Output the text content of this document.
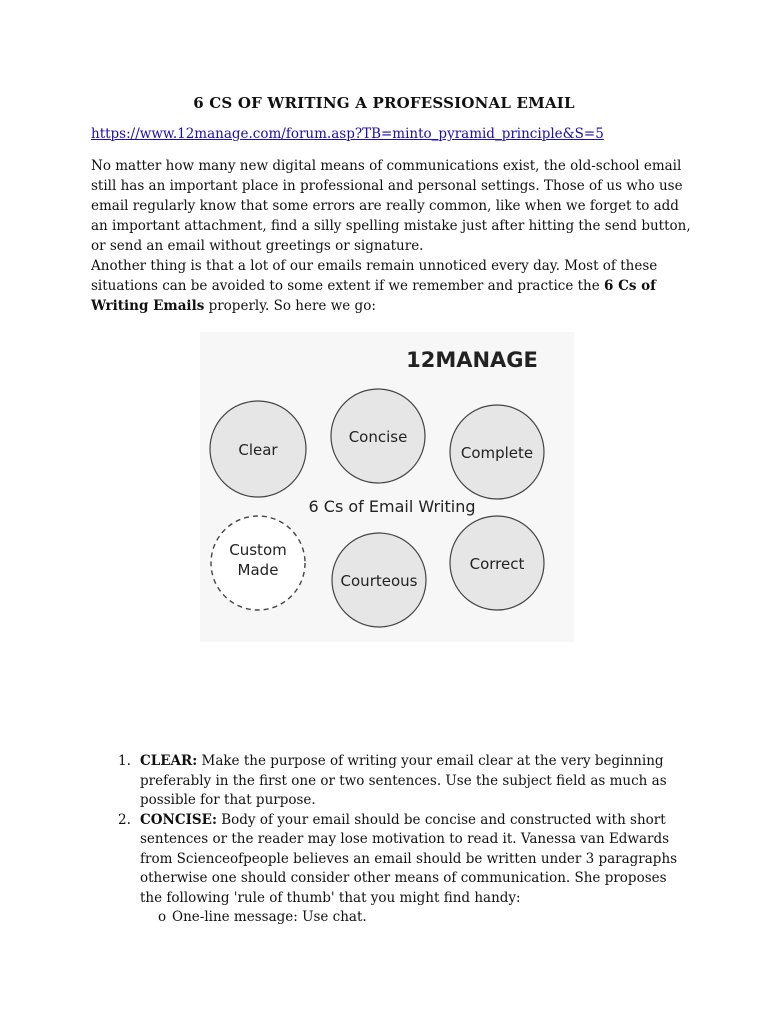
6 CS OF WRITING A PROFESSIONAL EMAIL
https://www.12manage.com/forum.asp?TB=minto_pyramid_principle&S=5

No matter how many new digital means of communications exist, the old-school email still has an important place in professional and personal settings. Those of us who use email regularly know that some errors are really common, like when we forget to add an important attachment, find a silly spelling mistake just after hitting the send button, or send an email without greetings or signature.

Another thing is that a lot of our emails remain unnoticed every day. Most of these situations can be avoided to some extent if we remember and practice the 6 Cs of Writing Emails properly. So here we go:

12MANAGE
Clear
Concise
Complete
6 Cs of Email Writing
Custom
Made
Courteous
Correct
1. CLEAR: Make the purpose of writing your email clear at the very beginning preferably in the first one or two sentences. Use the subject field as much as possible for that purpose.
2. CONCISE: Body of your email should be concise and constructed with short sentences or the reader may lose motivation to read it. Vanessa van Edwards from Scienceofpeople believes an email should be written under 3 paragraphs otherwise one should consider other means of communication. She proposes the following 'rule of thumb' that you might find handy:
o One-line message: Use chat.
